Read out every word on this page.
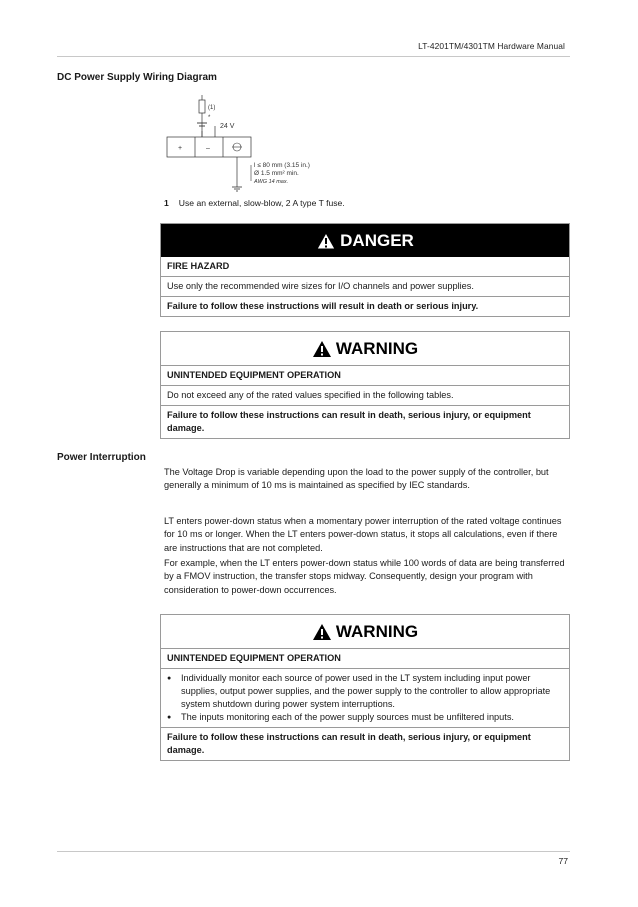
LT-4201TM/4301TM Hardware Manual
DC Power Supply Wiring Diagram
(1)
*
24 V
+	–
l ≤ 80 mm (3.15 in.)
Ø 1.5 mm² min.
AWG 14 max.
1 Use an external, slow-blow, 2 A type T fuse.
DANGER
FIRE HAZARD
Use only the recommended wire sizes for I/O channels and power supplies.
Failure to follow these instructions will result in death or serious injury.
WARNING
UNINTENDED EQUIPMENT OPERATION
Do not exceed any of the rated values specified in the following tables.
Failure to follow these instructions can result in death, serious injury, or equipment damage.
Power Interruption
The Voltage Drop is variable depending upon the load to the power supply of the controller, but generally a minimum of 10 ms is maintained as specified by IEC standards.
LT enters power-down status when a momentary power interruption of the rated voltage continues for 10 ms or longer. When the LT enters power-down status, it stops all calculations, even if there are instructions that are not completed.
For example, when the LT enters power-down status while 100 words of data are being transferred by a FMOV instruction, the transfer stops midway. Consequently, design your program with consideration to power-down occurrences.
WARNING
UNINTENDED EQUIPMENT OPERATION
● Individually monitor each source of power used in the LT system including input power supplies, output power supplies, and the power supply to the controller to allow appropriate system shutdown during power system interruptions.
● The inputs monitoring each of the power supply sources must be unfiltered inputs.
Failure to follow these instructions can result in death, serious injury, or equipment damage.
77
